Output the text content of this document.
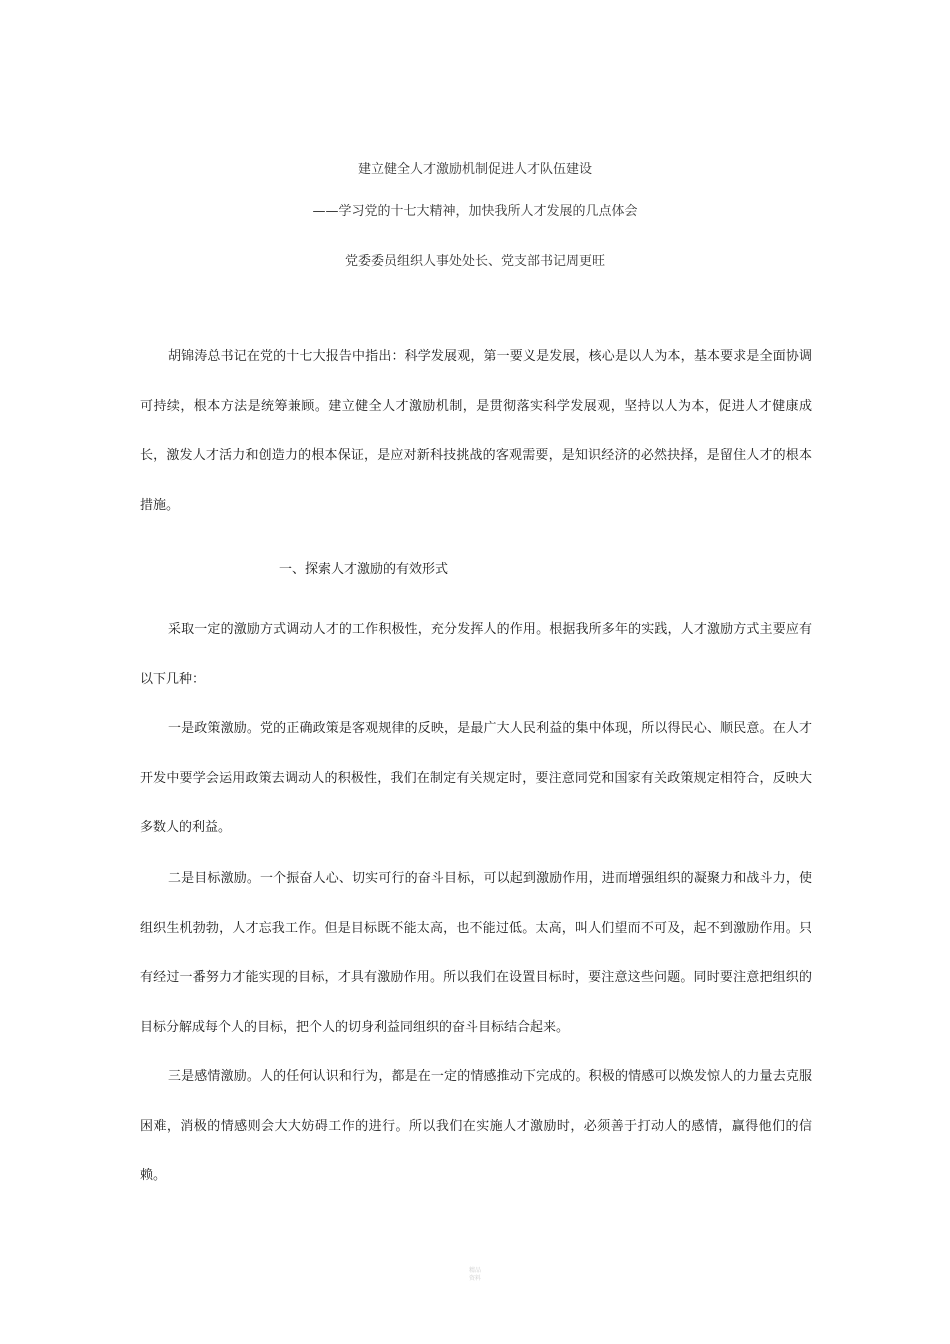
建立健全人才激励机制促进人才队伍建设

——学习党的十七大精神，加快我所人才发展的几点体会

党委委员组织人事处处长、党支部书记周更旺

胡锦涛总书记在党的十七大报告中指出：科学发展观，第一要义是发展，核心是以人为本，基本要求是全面协调可持续，根本方法是统筹兼顾。建立健全人才激励机制，是贯彻落实科学发展观，坚持以人为本，促进人才健康成长，激发人才活力和创造力的根本保证，是应对新科技挑战的客观需要，是知识经济的必然抉择，是留住人才的根本措施。

一、探索人才激励的有效形式

采取一定的激励方式调动人才的工作积极性，充分发挥人的作用。根据我所多年的实践，人才激励方式主要应有以下几种：

一是政策激励。党的正确政策是客观规律的反映，是最广大人民利益的集中体现，所以得民心、顺民意。在人才开发中要学会运用政策去调动人的积极性，我们在制定有关规定时，要注意同党和国家有关政策规定相符合，反映大多数人的利益。

二是目标激励。一个振奋人心、切实可行的奋斗目标，可以起到激励作用，进而增强组织的凝聚力和战斗力，使组织生机勃勃，人才忘我工作。但是目标既不能太高，也不能过低。太高，叫人们望而不可及，起不到激励作用。只有经过一番努力才能实现的目标，才具有激励作用。所以我们在设置目标时，要注意这些问题。同时要注意把组织的目标分解成每个人的目标，把个人的切身利益同组织的奋斗目标结合起来。

三是感情激励。人的任何认识和行为，都是在一定的情感推动下完成的。积极的情感可以焕发惊人的力量去克服困难，消极的情感则会大大妨碍工作的进行。所以我们在实施人才激励时，必须善于打动人的感情，赢得他们的信赖。

精品
资料
